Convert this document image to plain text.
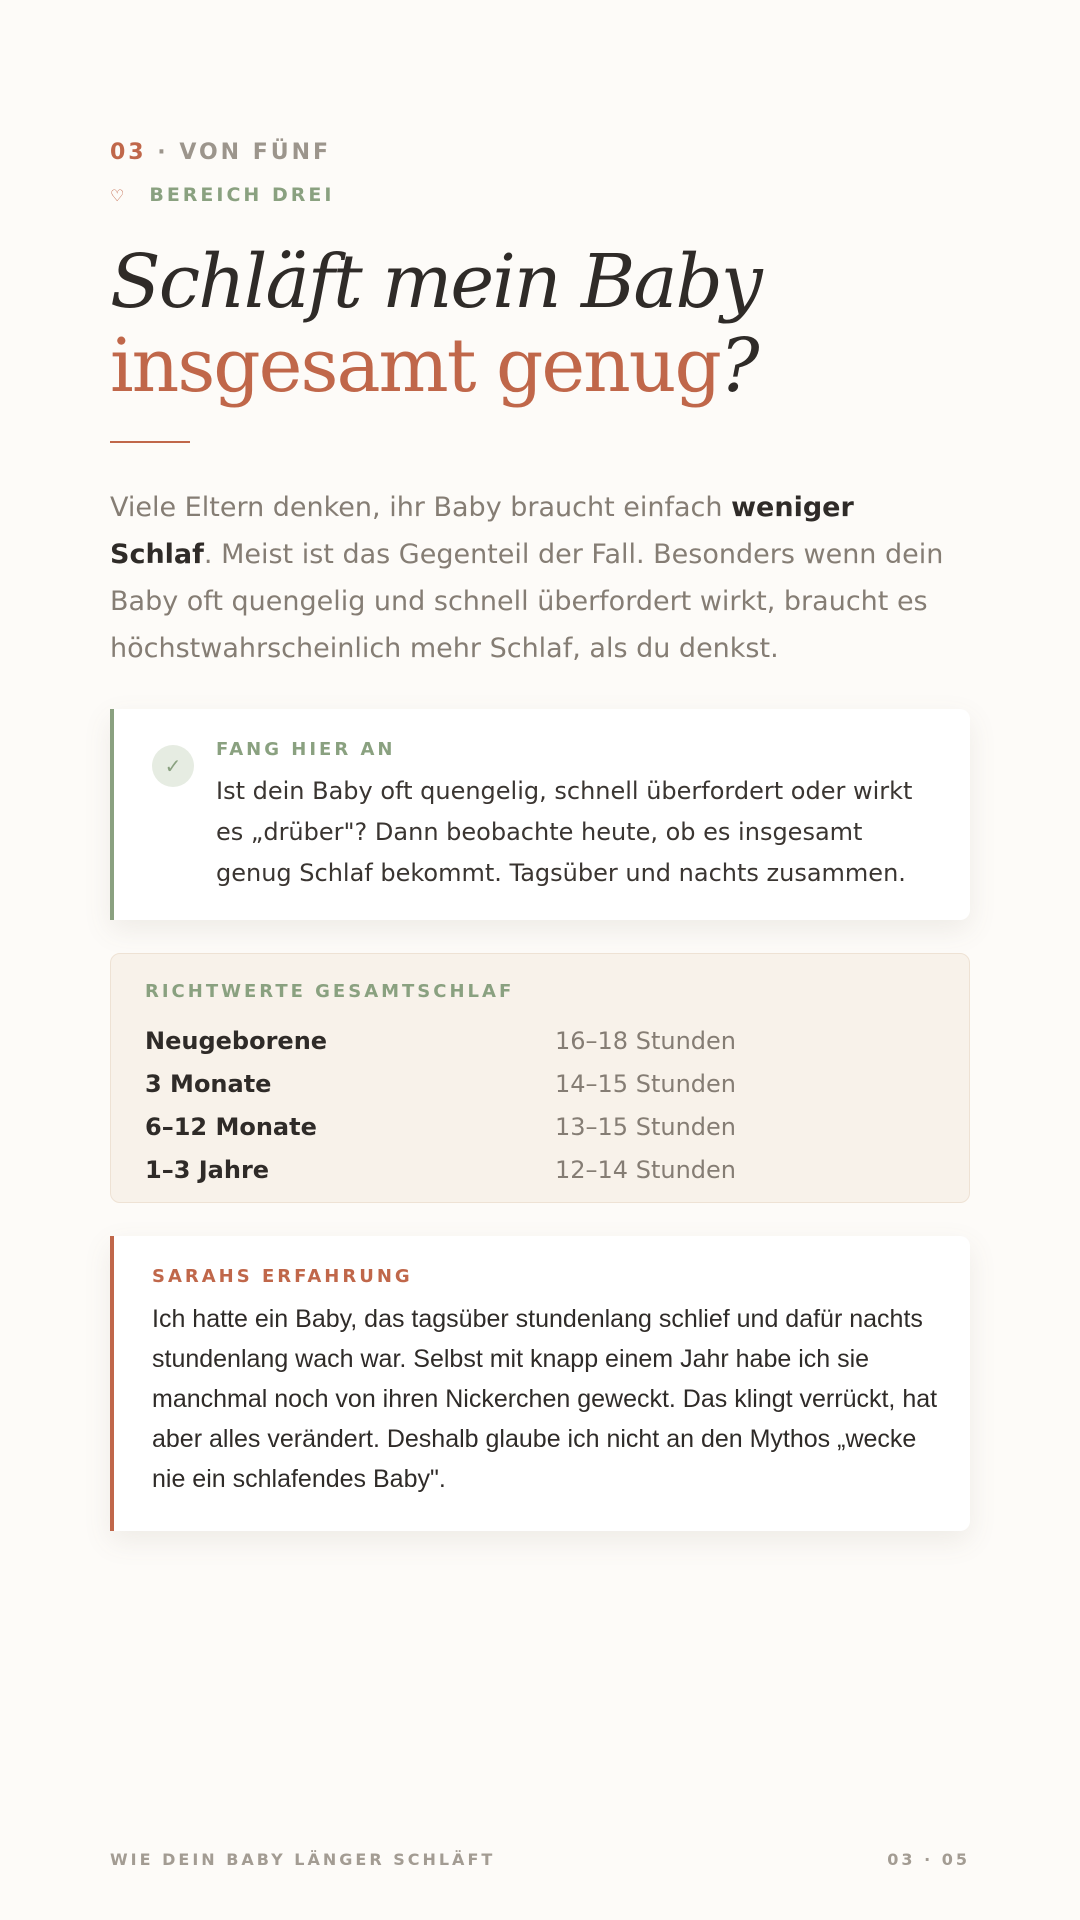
03 · VON FÜNF
♡ BEREICH DREI
Schläft mein Baby
insgesamt genug?

Viele Eltern denken, ihr Baby braucht einfach weniger Schlaf. Meist ist das Gegenteil der Fall. Besonders wenn dein Baby oft quengelig und schnell überfordert wirkt, braucht es höchstwahrscheinlich mehr Schlaf, als du denkst.

✓
FANG HIER AN

Ist dein Baby oft quengelig, schnell überfordert oder wirkt es „drüber"? Dann beobachte heute, ob es insgesamt genug Schlaf bekommt. Tagsüber und nachts zusammen.

RICHTWERTE GESAMTSCHLAF
Neugeborene	16–18 Stunden
3 Monate	14–15 Stunden
6–12 Monate	13–15 Stunden
1–3 Jahre	12–14 Stunden
SARAHS ERFAHRUNG

Ich hatte ein Baby, das tagsüber stundenlang schlief und dafür nachts stundenlang wach war. Selbst mit knapp einem Jahr habe ich sie manchmal noch von ihren Nickerchen geweckt. Das klingt verrückt, hat aber alles verändert. Deshalb glaube ich nicht an den Mythos „wecke nie ein schlafendes Baby".

WIE DEIN BABY LÄNGER SCHLÄFT	03 · 05
